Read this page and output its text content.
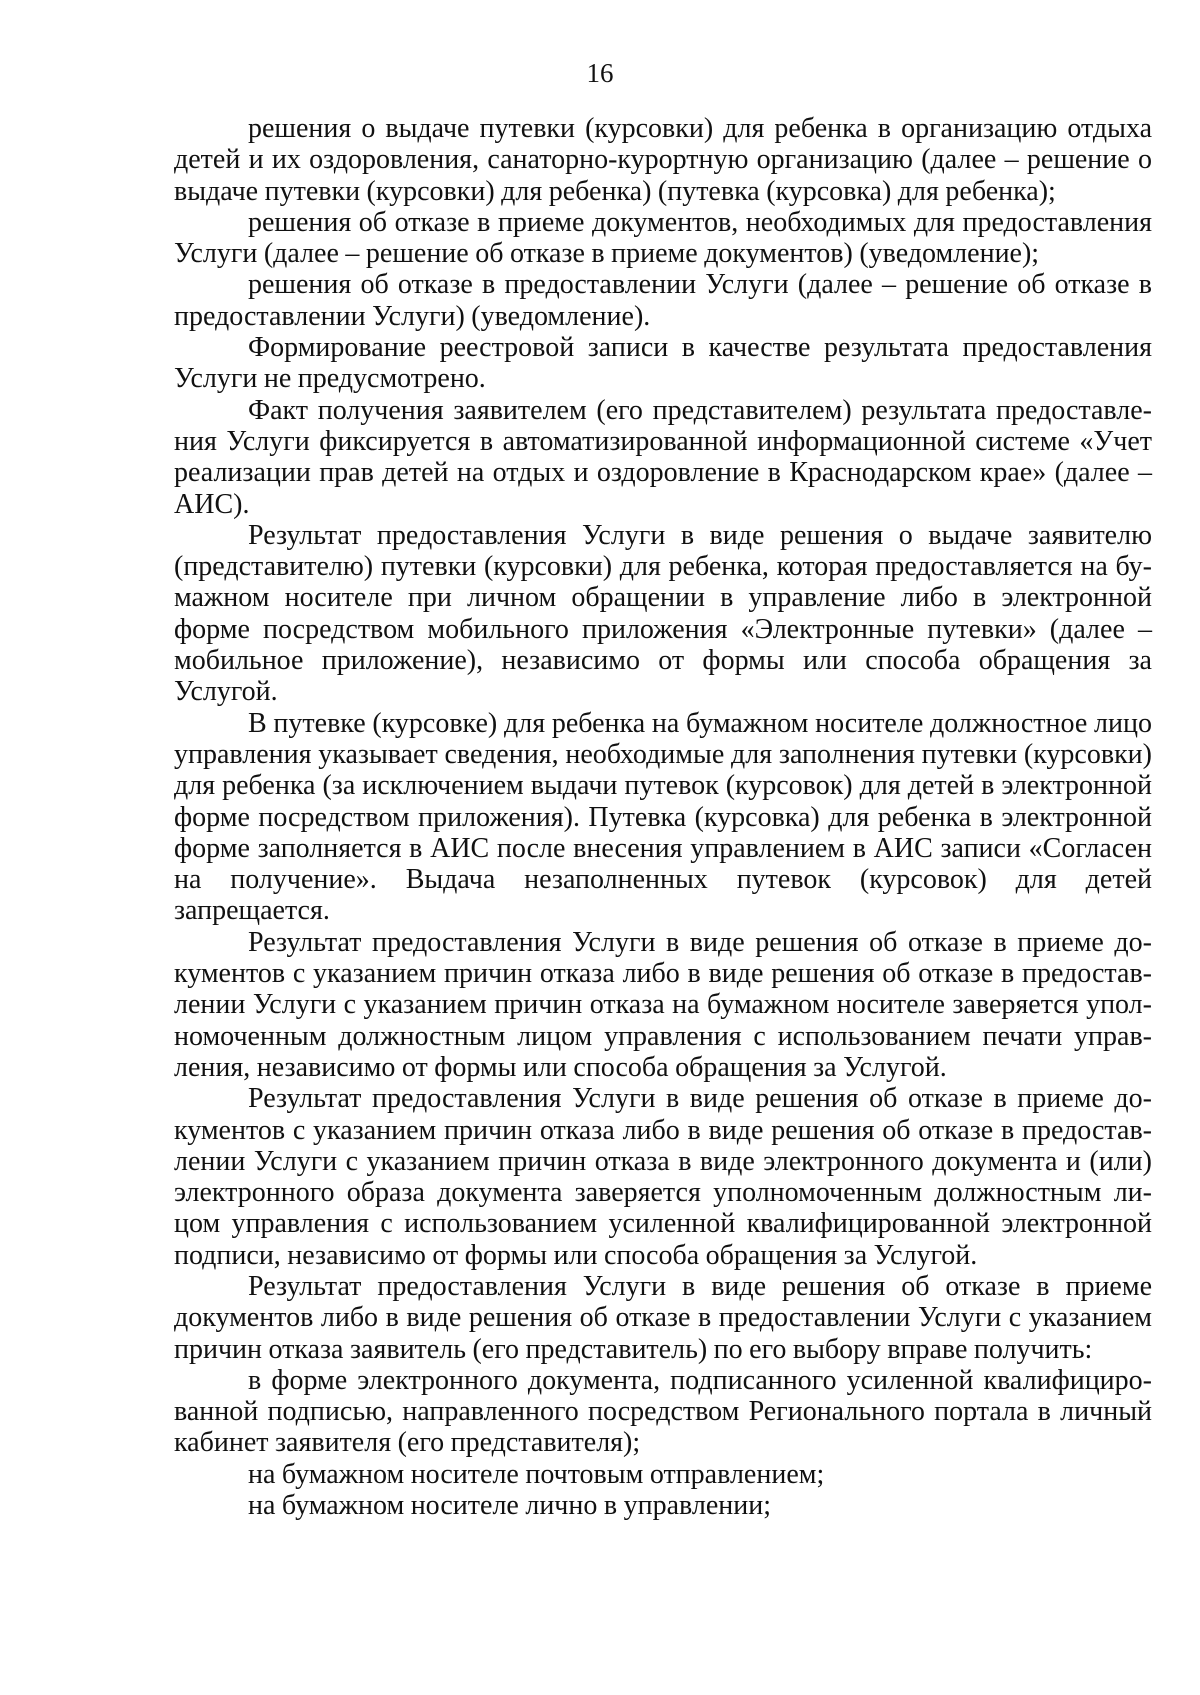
16

решения о выдаче путевки (курсовки) для ребенка в организацию отдыха детей и их оздоровления, санаторно-курортную организацию (далее – решение о выдаче путевки (курсовки) для ребенка) (путевка (курсовка) для ребенка);

решения об отказе в приеме документов, необходимых для предоставления Услуги (далее – решение об отказе в приеме документов) (уведомление);

решения об отказе в предоставлении Услуги (далее – решение об отказе в предоставлении Услуги) (уведомление).

Формирование реестровой записи в качестве результата предоставления Услуги не предусмотрено.

Факт получения заявителем (его представителем) результата предоставления Услуги фиксируется в автоматизированной информационной системе «Учет реализации прав детей на отдых и оздоровление в Краснодарском крае» (далее – АИС).

Результат предоставления Услуги в виде решения о выдаче заявителю (представителю) путевки (курсовки) для ребенка, которая предоставляется на бумажном носителе при личном обращении в управление либо в электронной форме посредством мобильного приложения «Электронные путевки» (далее – мобильное приложение), независимо от формы или способа обращения за Услугой.

В путевке (курсовке) для ребенка на бумажном носителе должностное лицо управления указывает сведения, необходимые для заполнения путевки (курсовки) для ребенка (за исключением выдачи путевок (курсовок) для детей в электронной форме посредством приложения). Путевка (курсовка) для ребенка в электронной форме заполняется в АИС после внесения управлением в АИС записи «Согласен на получение». Выдача незаполненных путевок (курсовок) для детей запрещается.

Результат предоставления Услуги в виде решения об отказе в приеме документов с указанием причин отказа либо в виде решения об отказе в предоставлении Услуги с указанием причин отказа на бумажном носителе заверяется уполномоченным должностным лицом управления с использованием печати управления, независимо от формы или способа обращения за Услугой.

Результат предоставления Услуги в виде решения об отказе в приеме документов с указанием причин отказа либо в виде решения об отказе в предоставлении Услуги с указанием причин отказа в виде электронного документа и (или) электронного образа документа заверяется уполномоченным должностным лицом управления с использованием усиленной квалифицированной электронной подписи, независимо от формы или способа обращения за Услугой.

Результат предоставления Услуги в виде решения об отказе в приеме документов либо в виде решения об отказе в предоставлении Услуги с указанием причин отказа заявитель (его представитель) по его выбору вправе получить:

в форме электронного документа, подписанного усиленной квалифицированной подписью, направленного посредством Регионального портала в личный кабинет заявителя (его представителя);

на бумажном носителе почтовым отправлением;

на бумажном носителе лично в управлении;
